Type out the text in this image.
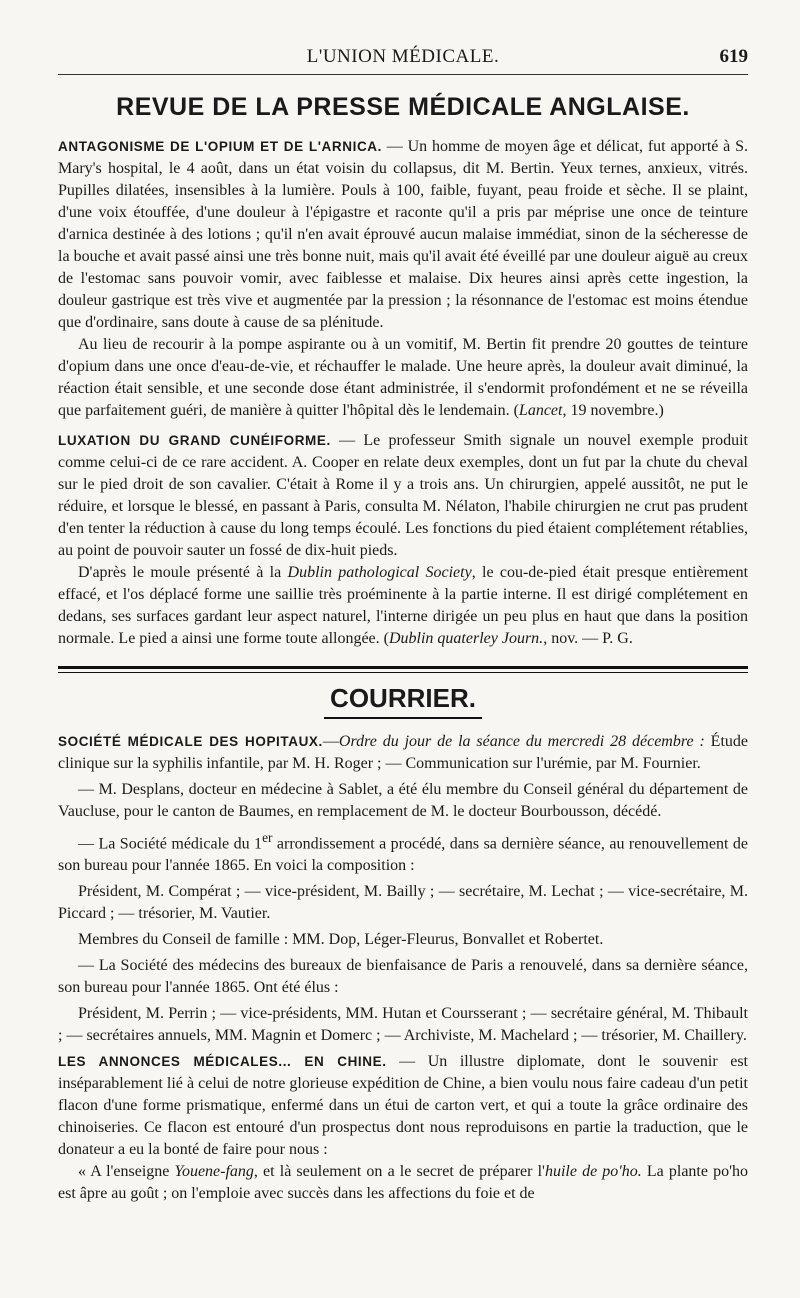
L'UNION MÉDICALE.	619
REVUE DE LA PRESSE MÉDICALE ANGLAISE.

ANTAGONISME DE L'OPIUM ET DE L'ARNICA. — Un homme de moyen âge et délicat, fut apporté à S. Mary's hospital, le 4 août, dans un état voisin du collapsus, dit M. Bertin. Yeux ternes, anxieux, vitrés. Pupilles dilatées, insensibles à la lumière. Pouls à 100, faible, fuyant, peau froide et sèche. Il se plaint, d'une voix étouffée, d'une douleur à l'épigastre et raconte qu'il a pris par méprise une once de teinture d'arnica destinée à des lotions ; qu'il n'en avait éprouvé aucun malaise immédiat, sinon de la sécheresse de la bouche et avait passé ainsi une très bonne nuit, mais qu'il avait été éveillé par une douleur aiguë au creux de l'estomac sans pouvoir vomir, avec faiblesse et malaise. Dix heures ainsi après cette ingestion, la douleur gastrique est très vive et augmentée par la pression ; la résonnance de l'estomac est moins étendue que d'ordinaire, sans doute à cause de sa plénitude.

Au lieu de recourir à la pompe aspirante ou à un vomitif, M. Bertin fit prendre 20 gouttes de teinture d'opium dans une once d'eau-de-vie, et réchauffer le malade. Une heure après, la douleur avait diminué, la réaction était sensible, et une seconde dose étant administrée, il s'endormit profondément et ne se réveilla que parfaitement guéri, de manière à quitter l'hôpital dès le lendemain. (Lancet, 19 novembre.)

LUXATION DU GRAND CUNÉIFORME. — Le professeur Smith signale un nouvel exemple produit comme celui-ci de ce rare accident. A. Cooper en relate deux exemples, dont un fut par la chute du cheval sur le pied droit de son cavalier. C'était à Rome il y a trois ans. Un chirurgien, appelé aussitôt, ne put le réduire, et lorsque le blessé, en passant à Paris, consulta M. Nélaton, l'habile chirurgien ne crut pas prudent d'en tenter la réduction à cause du long temps écoulé. Les fonctions du pied étaient complétement rétablies, au point de pouvoir sauter un fossé de dix-huit pieds.

D'après le moule présenté à la Dublin pathological Society, le cou-de-pied était presque entièrement effacé, et l'os déplacé forme une saillie très proéminente à la partie interne. Il est dirigé complétement en dedans, ses surfaces gardant leur aspect naturel, l'interne dirigée un peu plus en haut que dans la position normale. Le pied a ainsi une forme toute allongée. (Dublin quaterley Journ., nov. — P. G.

COURRIER.

SOCIÉTÉ MÉDICALE DES HOPITAUX.—Ordre du jour de la séance du mercredi 28 décembre : Étude clinique sur la syphilis infantile, par M. H. Roger ; — Communication sur l'urémie, par M. Fournier.

— M. Desplans, docteur en médecine à Sablet, a été élu membre du Conseil général du département de Vaucluse, pour le canton de Baumes, en remplacement de M. le docteur Bourbousson, décédé.

— La Société médicale du 1er arrondissement a procédé, dans sa dernière séance, au renouvellement de son bureau pour l'année 1865. En voici la composition :

Président, M. Compérat ; — vice-président, M. Bailly ; — secrétaire, M. Lechat ; — vice-secrétaire, M. Piccard ; — trésorier, M. Vautier.

Membres du Conseil de famille : MM. Dop, Léger-Fleurus, Bonvallet et Robertet.

— La Société des médecins des bureaux de bienfaisance de Paris a renouvelé, dans sa dernière séance, son bureau pour l'année 1865. Ont été élus :

Président, M. Perrin ; — vice-présidents, MM. Hutan et Coursserant ; — secrétaire général, M. Thibault ; — secrétaires annuels, MM. Magnin et Domerc ; — Archiviste, M. Machelard ; — trésorier, M. Chaillery.

LES ANNONCES MÉDICALES... EN CHINE. — Un illustre diplomate, dont le souvenir est inséparablement lié à celui de notre glorieuse expédition de Chine, a bien voulu nous faire cadeau d'un petit flacon d'une forme prismatique, enfermé dans un étui de carton vert, et qui a toute la grâce ordinaire des chinoiseries. Ce flacon est entouré d'un prospectus dont nous reproduisons en partie la traduction, que le donateur a eu la bonté de faire pour nous :

« A l'enseigne Youene-fang, et là seulement on a le secret de préparer l'huile de po'ho. La plante po'ho est âpre au goût ; on l'emploie avec succès dans les affections du foie et de
